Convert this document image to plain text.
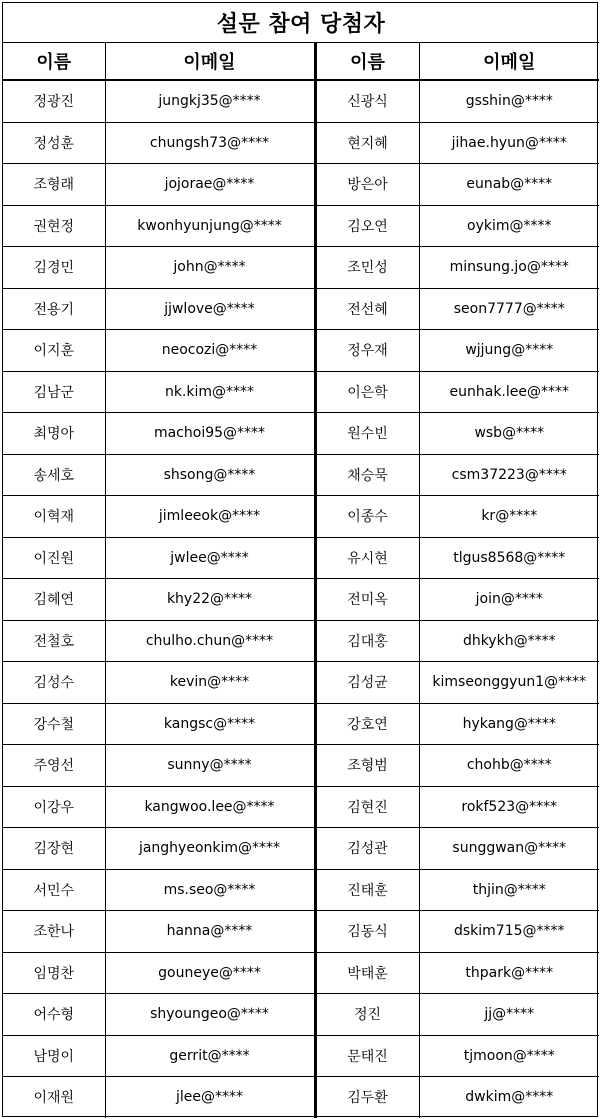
설문 참여 당첨자			
이름	이메일	이름	이메일
정광진	jungkj35@****	신광식	gsshin@****
정성훈	chungsh73@****	현지혜	jihae.hyun@****
조형래	jojorae@****	방은아	eunab@****
권현정	kwonhyunjung@****	김오연	oykim@****
김경민	john@****	조민성	minsung.jo@****
전용기	jjwlove@****	전선혜	seon7777@****
이지훈	neocozi@****	정우재	wjjung@****
김남군	nk.kim@****	이은학	eunhak.lee@****
최명아	machoi95@****	원수빈	wsb@****
송세호	shsong@****	채승묵	csm37223@****
이혁재	jimleeok@****	이종수	kr@****
이진원	jwlee@****	유시현	tlgus8568@****
김혜연	khy22@****	전미옥	join@****
전철호	chulho.chun@****	김대홍	dhkykh@****
김성수	kevin@****	김성균	kimseonggyun1@****
강수철	kangsc@****	강호연	hykang@****
주영선	sunny@****	조형범	chohb@****
이강우	kangwoo.lee@****	김현진	rokf523@****
김장현	janghyeonkim@****	김성관	sunggwan@****
서민수	ms.seo@****	진태훈	thjin@****
조한나	hanna@****	김동식	dskim715@****
임명찬	gouneye@****	박태훈	thpark@****
어수형	shyoungeo@****	정진	jj@****
남명이	gerrit@****	문태진	tjmoon@****
이재원	jlee@****	김두환	dwkim@****
